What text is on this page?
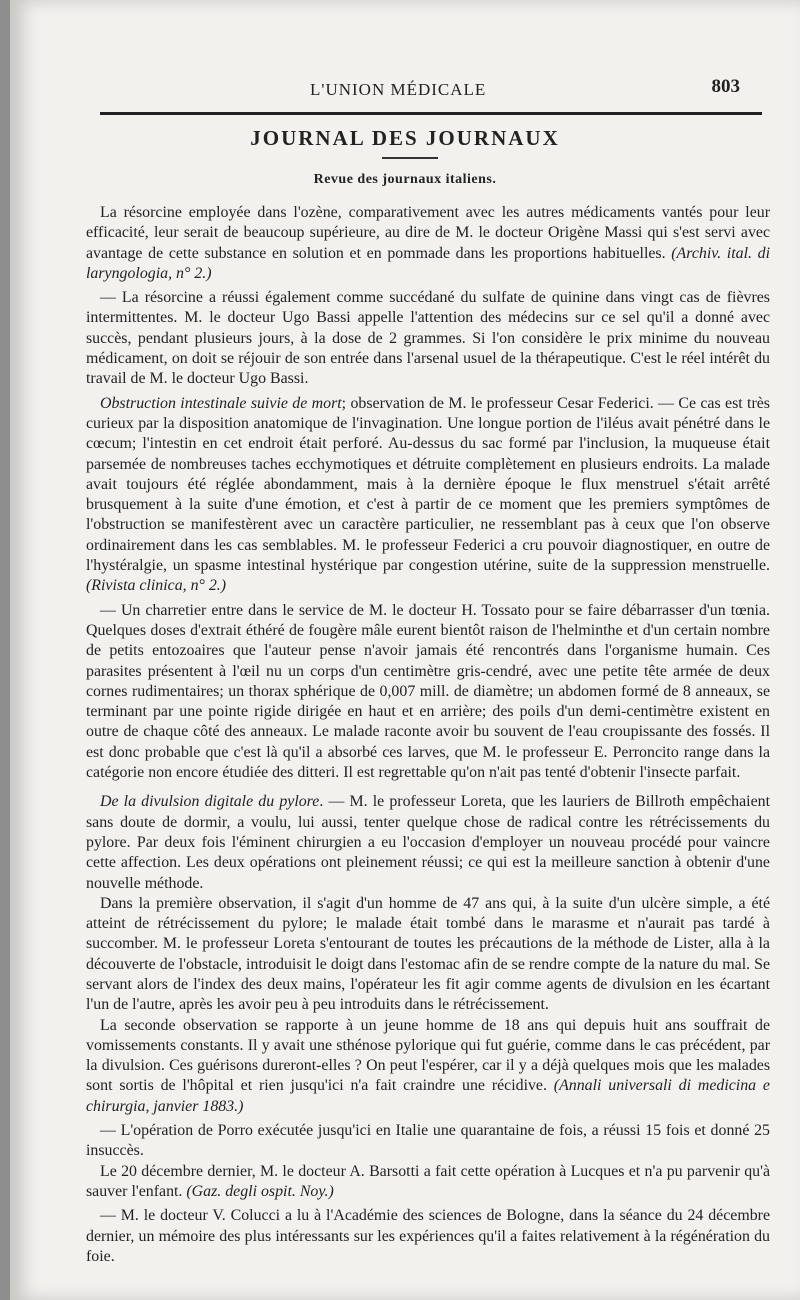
L'UNION MÉDICALE	803
JOURNAL DES JOURNAUX
Revue des journaux italiens.

La résorcine employée dans l'ozène, comparativement avec les autres médicaments vantés pour leur efficacité, leur serait de beaucoup supérieure, au dire de M. le docteur Origène Massi qui s'est servi avec avantage de cette substance en solution et en pommade dans les proportions habituelles. (Archiv. ital. di laryngologia, n° 2.)

— La résorcine a réussi également comme succédané du sulfate de quinine dans vingt cas de fièvres intermittentes. M. le docteur Ugo Bassi appelle l'attention des médecins sur ce sel qu'il a donné avec succès, pendant plusieurs jours, à la dose de 2 grammes. Si l'on considère le prix minime du nouveau médicament, on doit se réjouir de son entrée dans l'arsenal usuel de la thérapeutique. C'est le réel intérêt du travail de M. le docteur Ugo Bassi.

Obstruction intestinale suivie de mort; observation de M. le professeur Cesar Federici. — Ce cas est très curieux par la disposition anatomique de l'invagination. Une longue portion de l'iléus avait pénétré dans le cœcum; l'intestin en cet endroit était perforé. Au-dessus du sac formé par l'inclusion, la muqueuse était parsemée de nombreuses taches ecchymotiques et détruite complètement en plusieurs endroits. La malade avait toujours été réglée abondamment, mais à la dernière époque le flux menstruel s'était arrêté brusquement à la suite d'une émotion, et c'est à partir de ce moment que les premiers symptômes de l'obstruction se manifestèrent avec un caractère particulier, ne ressemblant pas à ceux que l'on observe ordinairement dans les cas semblables. M. le professeur Federici a cru pouvoir diagnostiquer, en outre de l'hystéralgie, un spasme intestinal hystérique par congestion utérine, suite de la suppression menstruelle. (Rivista clinica, n° 2.)

— Un charretier entre dans le service de M. le docteur H. Tossato pour se faire débarrasser d'un tœnia. Quelques doses d'extrait éthéré de fougère mâle eurent bientôt raison de l'helminthe et d'un certain nombre de petits entozoaires que l'auteur pense n'avoir jamais été rencontrés dans l'organisme humain. Ces parasites présentent à l'œil nu un corps d'un centimètre gris-cendré, avec une petite tête armée de deux cornes rudimentaires; un thorax sphérique de 0,007 mill. de diamètre; un abdomen formé de 8 anneaux, se terminant par une pointe rigide dirigée en haut et en arrière; des poils d'un demi-centimètre existent en outre de chaque côté des anneaux. Le malade raconte avoir bu souvent de l'eau croupissante des fossés. Il est donc probable que c'est là qu'il a absorbé ces larves, que M. le professeur E. Perroncito range dans la catégorie non encore étudiée des ditteri. Il est regrettable qu'on n'ait pas tenté d'obtenir l'insecte parfait.

De la divulsion digitale du pylore. — M. le professeur Loreta, que les lauriers de Billroth empêchaient sans doute de dormir, a voulu, lui aussi, tenter quelque chose de radical contre les rétrécissements du pylore. Par deux fois l'éminent chirurgien a eu l'occasion d'employer un nouveau procédé pour vaincre cette affection. Les deux opérations ont pleinement réussi; ce qui est la meilleure sanction à obtenir d'une nouvelle méthode.

Dans la première observation, il s'agit d'un homme de 47 ans qui, à la suite d'un ulcère simple, a été atteint de rétrécissement du pylore; le malade était tombé dans le marasme et n'aurait pas tardé à succomber. M. le professeur Loreta s'entourant de toutes les précautions de la méthode de Lister, alla à la découverte de l'obstacle, introduisit le doigt dans l'estomac afin de se rendre compte de la nature du mal. Se servant alors de l'index des deux mains, l'opérateur les fit agir comme agents de divulsion en les écartant l'un de l'autre, après les avoir peu à peu introduits dans le rétrécissement.

La seconde observation se rapporte à un jeune homme de 18 ans qui depuis huit ans souffrait de vomissements constants. Il y avait une sthénose pylorique qui fut guérie, comme dans le cas précédent, par la divulsion. Ces guérisons dureront-elles ? On peut l'espérer, car il y a déjà quelques mois que les malades sont sortis de l'hôpital et rien jusqu'ici n'a fait craindre une récidive. (Annali universali di medicina e chirurgia, janvier 1883.)

— L'opération de Porro exécutée jusqu'ici en Italie une quarantaine de fois, a réussi 15 fois et donné 25 insuccès.

Le 20 décembre dernier, M. le docteur A. Barsotti a fait cette opération à Lucques et n'a pu parvenir qu'à sauver l'enfant. (Gaz. degli ospit. Noy.)

— M. le docteur V. Colucci a lu à l'Académie des sciences de Bologne, dans la séance du 24 décembre dernier, un mémoire des plus intéressants sur les expériences qu'il a faites relativement à la régénération du foie.
